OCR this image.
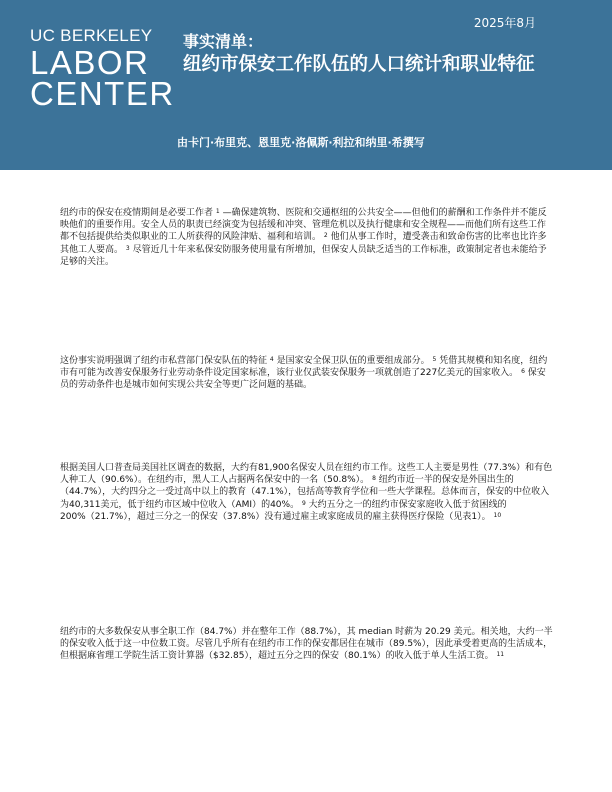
UC BERKELEY
LABOR
CENTER
2025年8月
事实清单：
纽约市保安工作队伍的人口统计和职业特征
由卡门·布里克、恩里克·洛佩斯·利拉和纳里·希撰写
纽约市的保安在疫情期间是必要工作者 $^1$ —确保建筑物、医院和交通枢纽的公共安全——但他们的薪酬和工作条件并不能反映他们的重要作用。安全人员的职责已经演变为包括缓和冲突、管理危机以及执行健康和安全规程——而他们所有这些工作都不包括提供给类似职业的工人所获得的风险津贴、福利和培训。 $^2$ 他们从事工作时，遭受袭击和致命伤害的比率也比许多其他工人要高。 $^3$ 尽管近几十年来私保安防服务使用量有所增加，但保安人员缺乏适当的工作标准，政策制定者也未能给予足够的关注。
这份事实说明强调了纽约市私营部门保安队伍的特征 $^4$ 是国家安全保卫队伍的重要组成部分。 $^5$ 凭借其规模和知名度，纽约市有可能为改善安保服务行业劳动条件设定国家标准，该行业仅武装安保服务一项就创造了227亿美元的国家收入。 $^6$ 保安员的劳动条件也是城市如何实现公共安全等更广泛问题的基础。
根据美国人口普查局美国社区调查的数据，大约有81,900名保安人员在纽约市工作。这些工人主要是男性（77.3%）和有色人种工人（90.6%）。在纽约市，黑人工人占据两名保安中的一名（50.8%）。 $^8$ 纽约市近一半的保安是外国出生的（44.7%），大约四分之一受过高中以上的教育（47.1%），包括高等教育学位和一些大学课程。总体而言，保安的中位收入为40,311美元，低于纽约市区域中位收入（AMI）的40%。 $^9$ 大约五分之一的纽约市保安家庭收入低于贫困线的200%（21.7%），超过三分之一的保安（37.8%）没有通过雇主或家庭成员的雇主获得医疗保险（见表1）。 $^{10}$
纽约市的大多数保安从事全职工作（84.7%）并在整年工作（88.7%），其 median 时薪为 20.29 美元。相关地，大约一半的保安收入低于这一中位数工资。尽管几乎所有在纽约市工作的保安都居住在城市（89.5%），因此承受着更高的生活成本，但根据麻省理工学院生活工资计算器（$32.85），超过五分之四的保安（80.1%）的收入低于单人生活工资。 $^{11}$
